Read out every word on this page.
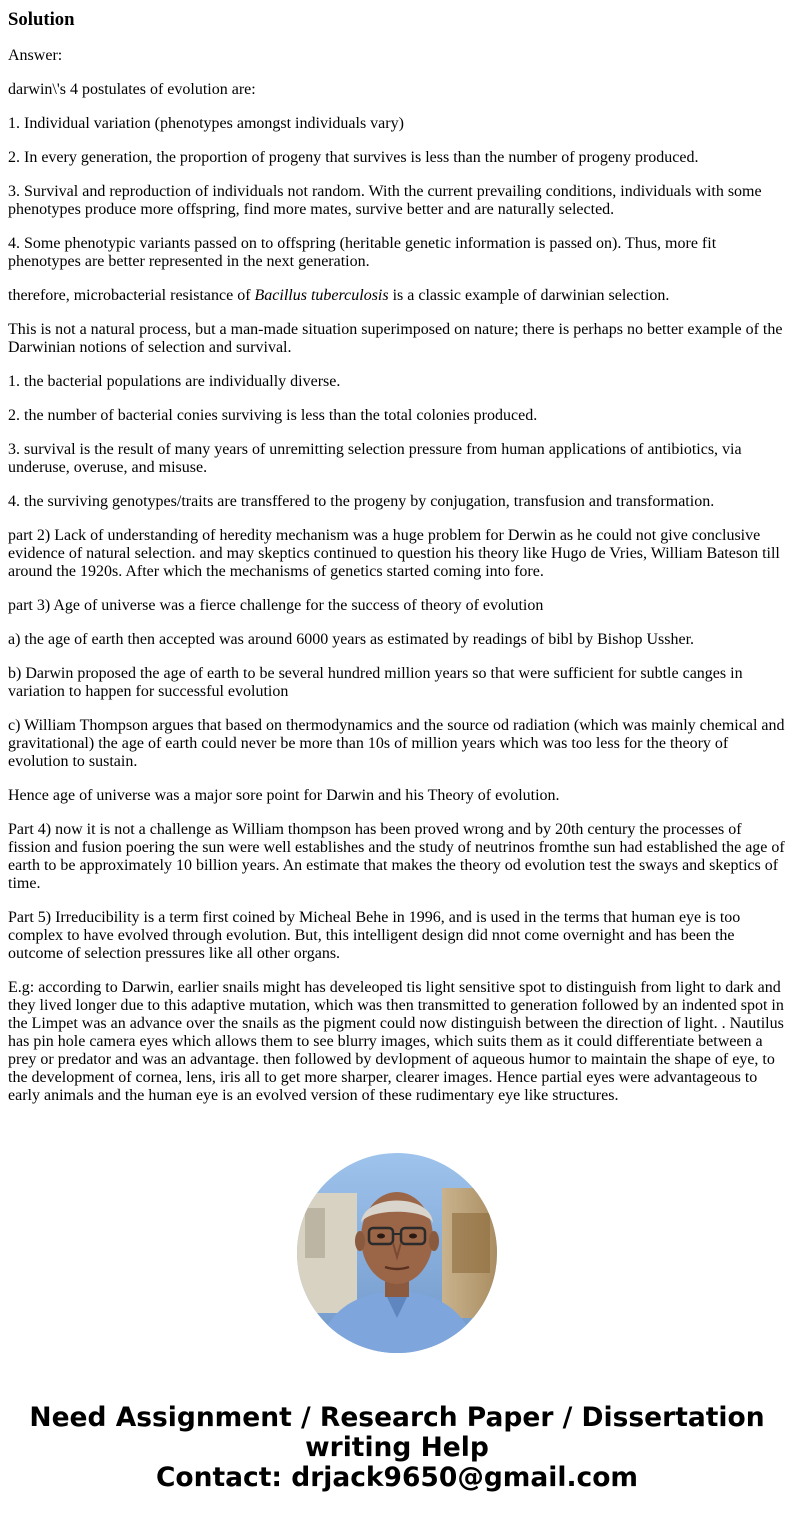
Solution

Answer:

darwin\'s 4 postulates of evolution are:

1. Individual variation (phenotypes amongst individuals vary)

2. In every generation, the proportion of progeny that survives is less than the number of progeny produced.

3. Survival and reproduction of individuals not random. With the current prevailing conditions, individuals with some phenotypes produce more offspring, find more mates, survive better and are naturally selected.

4. Some phenotypic variants passed on to offspring (heritable genetic information is passed on). Thus, more fit phenotypes are better represented in the next generation.

therefore, microbacterial resistance of Bacillus tuberculosis is a classic example of darwinian selection.

This is not a natural process, but a man-made situation superimposed on nature; there is perhaps no better example of the Darwinian notions of selection and survival.

1. the bacterial populations are individually diverse.

2. the number of bacterial conies surviving is less than the total colonies produced.

3. survival is the result of many years of unremitting selection pressure from human applications of antibiotics, via underuse, overuse, and misuse.

4. the surviving genotypes/traits are transffered to the progeny by conjugation, transfusion and transformation.

part 2) Lack of understanding of heredity mechanism was a huge problem for Derwin as he could not give conclusive evidence of natural selection. and may skeptics continued to question his theory like Hugo de Vries, William Bateson till around the 1920s. After which the mechanisms of genetics started coming into fore.

part 3) Age of universe was a fierce challenge for the success of theory of evolution

a) the age of earth then accepted was around 6000 years as estimated by readings of bibl by Bishop Ussher.

b) Darwin proposed the age of earth to be several hundred million years so that were sufficient for subtle canges in variation to happen for successful evolution

c) William Thompson argues that based on thermodynamics and the source od radiation (which was mainly chemical and gravitational) the age of earth could never be more than 10s of million years which was too less for the theory of evolution to sustain.

Hence age of universe was a major sore point for Darwin and his Theory of evolution.

Part 4) now it is not a challenge as William thompson has been proved wrong and by 20th century the processes of fission and fusion poering the sun were well establishes and the study of neutrinos fromthe sun had established the age of earth to be approximately 10 billion years. An estimate that makes the theory od evolution test the sways and skeptics of time.

Part 5) Irreducibility is a term first coined by Micheal Behe in 1996, and is used in the terms that human eye is too complex to have evolved through evolution. But, this intelligent design did nnot come overnight and has been the outcome of selection pressures like all other organs.

E.g: according to Darwin, earlier snails might has develeoped tis light sensitive spot to distinguish from light to dark and they lived longer due to this adaptive mutation, which was then transmitted to generation followed by an indented spot in the Limpet was an advance over the snails as the pigment could now distinguish between the direction of light. . Nautilus has pin hole camera eyes which allows them to see blurry images, which suits them as it could differentiate between a prey or predator and was an advantage. then followed by devlopment of aqueous humor to maintain the shape of eye, to the development of cornea, lens, iris all to get more sharper, clearer images. Hence partial eyes were advantageous to early animals and the human eye is an evolved version of these rudimentary eye like structures.

Need Assignment / Research Paper / Dissertation
writing Help
Contact: drjack9650@gmail.com
